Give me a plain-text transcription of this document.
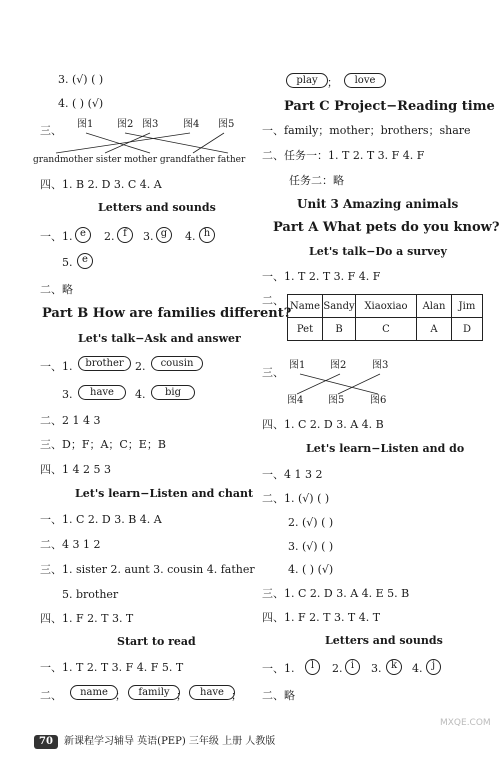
3. (√) ( )
4. ( ) (√)
三、 图1 图2 图3 图4 图5
grandmother sister mother grandfather father
四、1. B 2. D 3. C 4. A
Letters and sounds
一、1. e	2. f	3. g	4. h
5. e
二、略
Part B How are families different?
Let's talk−Ask and answer
一、1.	brother	2.	cousin
3.	have	4.	big
二、2 1 4 3
三、D；F；A；C；E；B
四、1 4 2 5 3
Let's learn−Listen and chant
一、1. C 2. D 3. B 4. A
二、4 3 1 2
三、1. sister 2. aunt 3. cousin 4. father
5. brother
四、1. F 2. T 3. T
Start to read
一、1. T 2. T 3. F 4. F 5. T
二、	name ；	family ；	have ；
play ；	love
Part C Project−Reading time
一、family；mother；brothers；share
二、任务一：1. T 2. T 3. F 4. F
任务二：略
Unit 3 Amazing animals
Part A What pets do you know?
Let's talk−Do a survey
一、1. T 2. T 3. F 4. F
二、 Name	Sandy	Xiaoxiao	Alan	Jim
Pet	B	C	A	D
三、
图1 图2	图3
图4 图5	图6
四、1. C 2. D 3. A 4. B
Let's learn−Listen and do
一、4 1 3 2
二、1. (√) ( )
2. (√) ( )
3. (√) ( )
4. ( ) (√)
三、1. C 2. D 3. A 4. E 5. B
四、1. F 2. T 3. T 4. T
Letters and sounds
一、1.	l	2. i	3. k	4. j
二、略
70	新课程学习辅导 英语(PEP) 三年级 上册 人教版
MXQE.COM
